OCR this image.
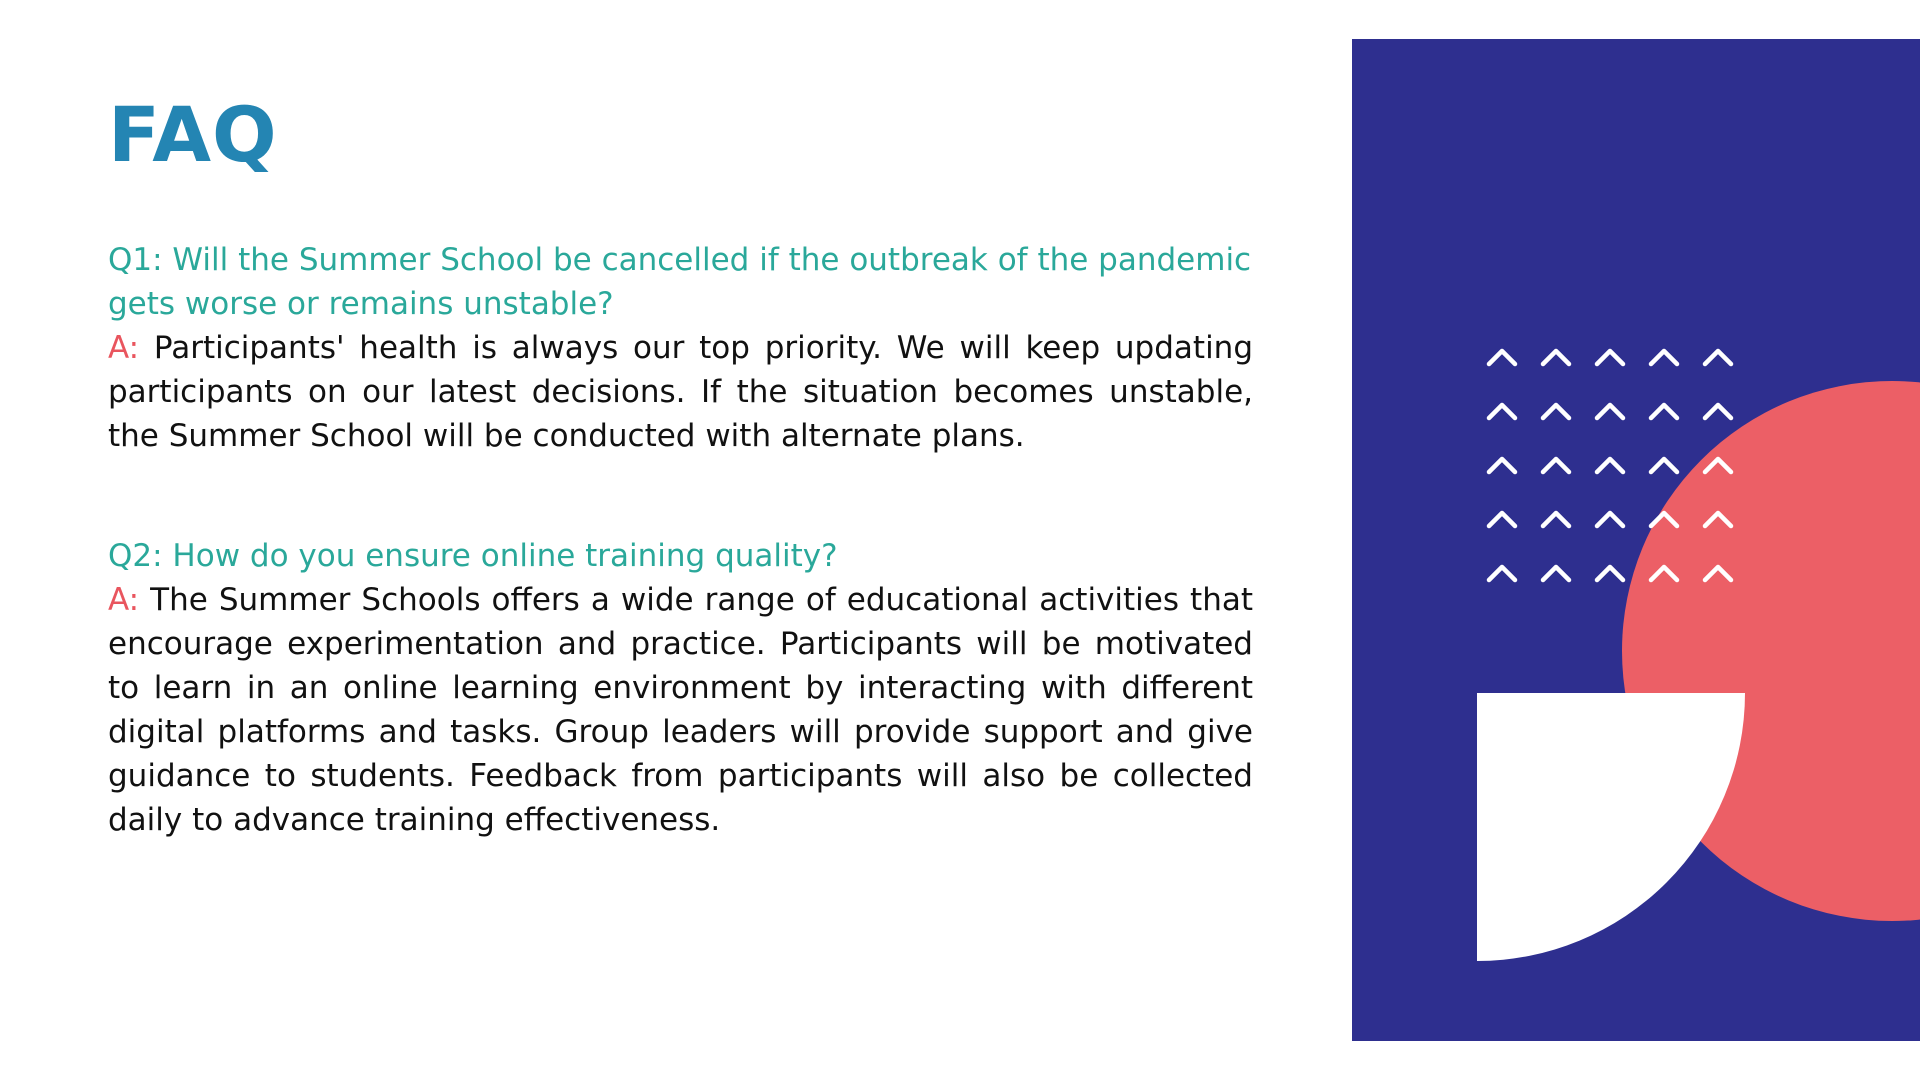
FAQ
Q1: Will the Summer School be cancelled if the outbreak of the pandemic gets worse or remains unstable?
A: Participants' health is always our top priority. We will keep updating participants on our latest decisions. If the situation becomes unstable, the Summer School will be conducted with alternate plans.
Q2: How do you ensure online training quality?
A: The Summer Schools offers a wide range of educational activities that encourage experimentation and practice. Participants will be motivated to learn in an online learning environment by interacting with different digital platforms and tasks. Group leaders will provide support and give guidance to students. Feedback from participants will also be collected daily to advance training effectiveness.
